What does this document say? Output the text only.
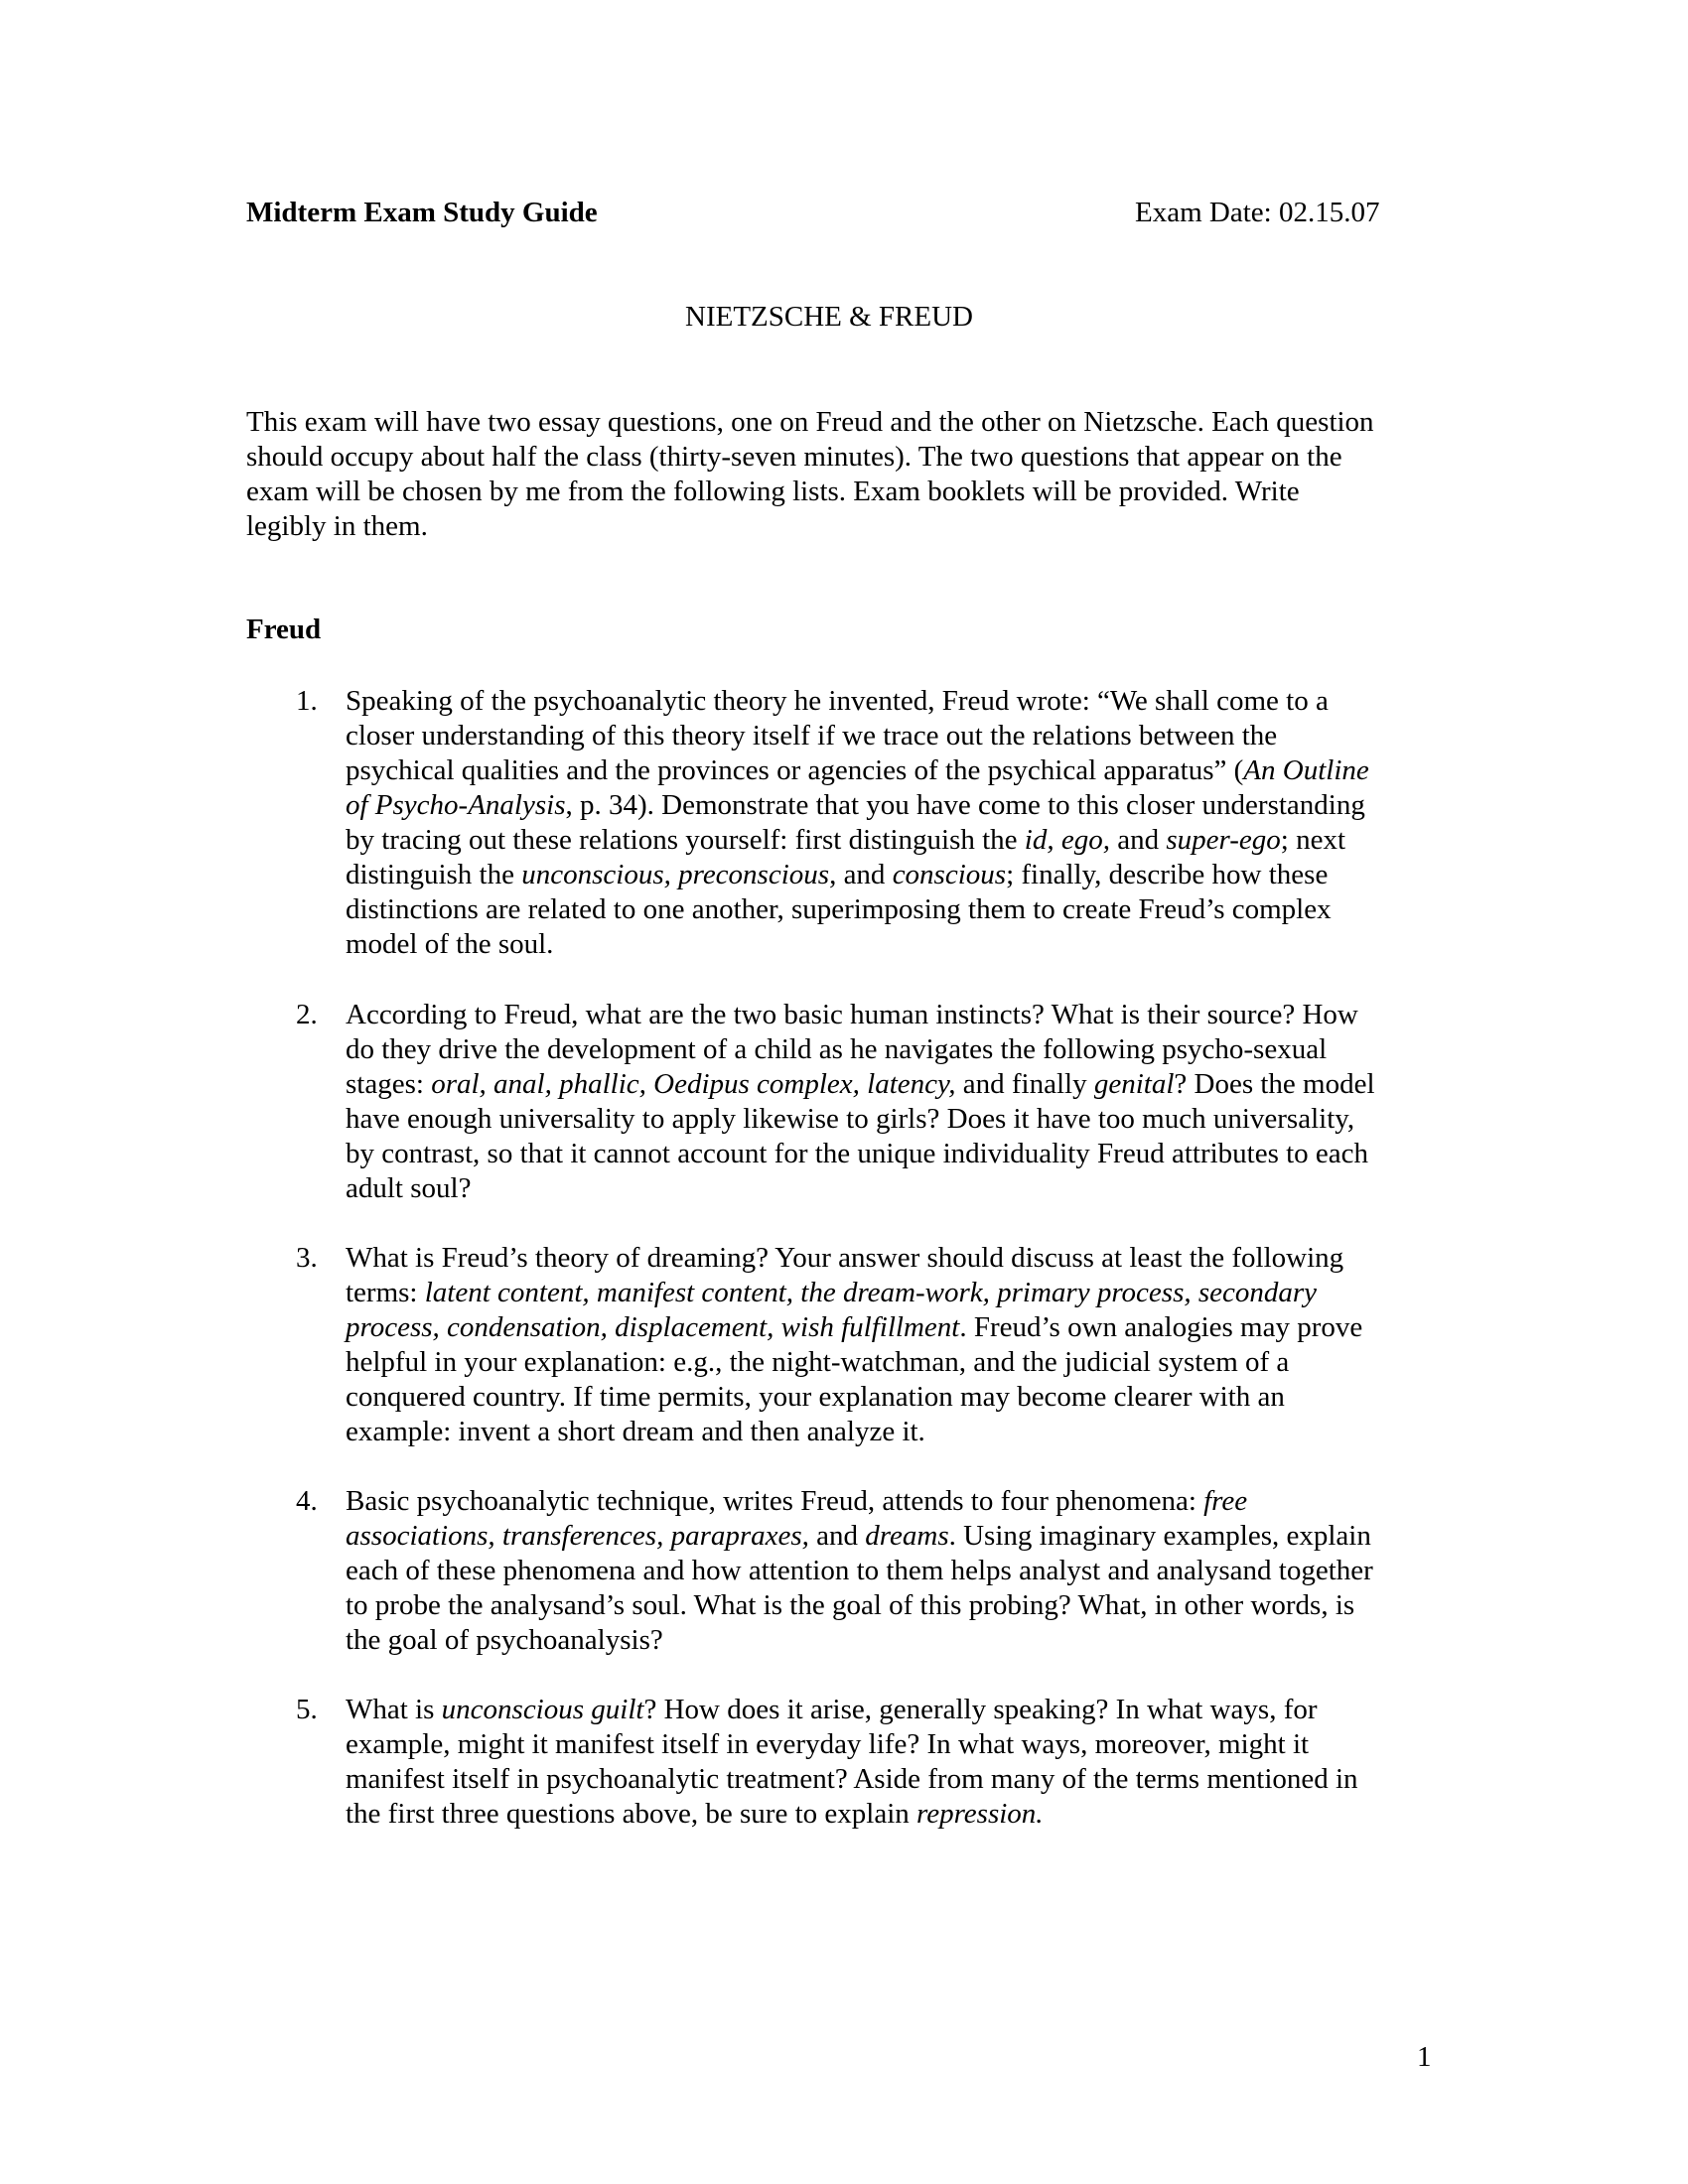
Midterm Exam Study Guide	Exam Date: 02.15.07
NIETZSCHE & FREUD
This exam will have two essay questions, one on Freud and the other on Nietzsche. Each question
should occupy about half the class (thirty-seven minutes). The two questions that appear on the
exam will be chosen by me from the following lists. Exam booklets will be provided. Write
legibly in them.
Freud
1. Speaking of the psychoanalytic theory he invented, Freud wrote: “We shall come to a
closer understanding of this theory itself if we trace out the relations between the
psychical qualities and the provinces or agencies of the psychical apparatus” (An Outline
of Psycho-Analysis, p. 34). Demonstrate that you have come to this closer understanding
by tracing out these relations yourself: first distinguish the id, ego, and super-ego; next
distinguish the unconscious, preconscious, and conscious; finally, describe how these
distinctions are related to one another, superimposing them to create Freud’s complex
model of the soul.
2. According to Freud, what are the two basic human instincts? What is their source? How
do they drive the development of a child as he navigates the following psycho-sexual
stages: oral, anal, phallic, Oedipus complex, latency, and finally genital? Does the model
have enough universality to apply likewise to girls? Does it have too much universality,
by contrast, so that it cannot account for the unique individuality Freud attributes to each
adult soul?
3. What is Freud’s theory of dreaming? Your answer should discuss at least the following
terms: latent content, manifest content, the dream-work, primary process, secondary
process, condensation, displacement, wish fulfillment. Freud’s own analogies may prove
helpful in your explanation: e.g., the night-watchman, and the judicial system of a
conquered country. If time permits, your explanation may become clearer with an
example: invent a short dream and then analyze it.
4. Basic psychoanalytic technique, writes Freud, attends to four phenomena: free
associations, transferences, parapraxes, and dreams. Using imaginary examples, explain
each of these phenomena and how attention to them helps analyst and analysand together
to probe the analysand’s soul. What is the goal of this probing? What, in other words, is
the goal of psychoanalysis?
5. What is unconscious guilt? How does it arise, generally speaking? In what ways, for
example, might it manifest itself in everyday life? In what ways, moreover, might it
manifest itself in psychoanalytic treatment? Aside from many of the terms mentioned in
the first three questions above, be sure to explain repression.
1
